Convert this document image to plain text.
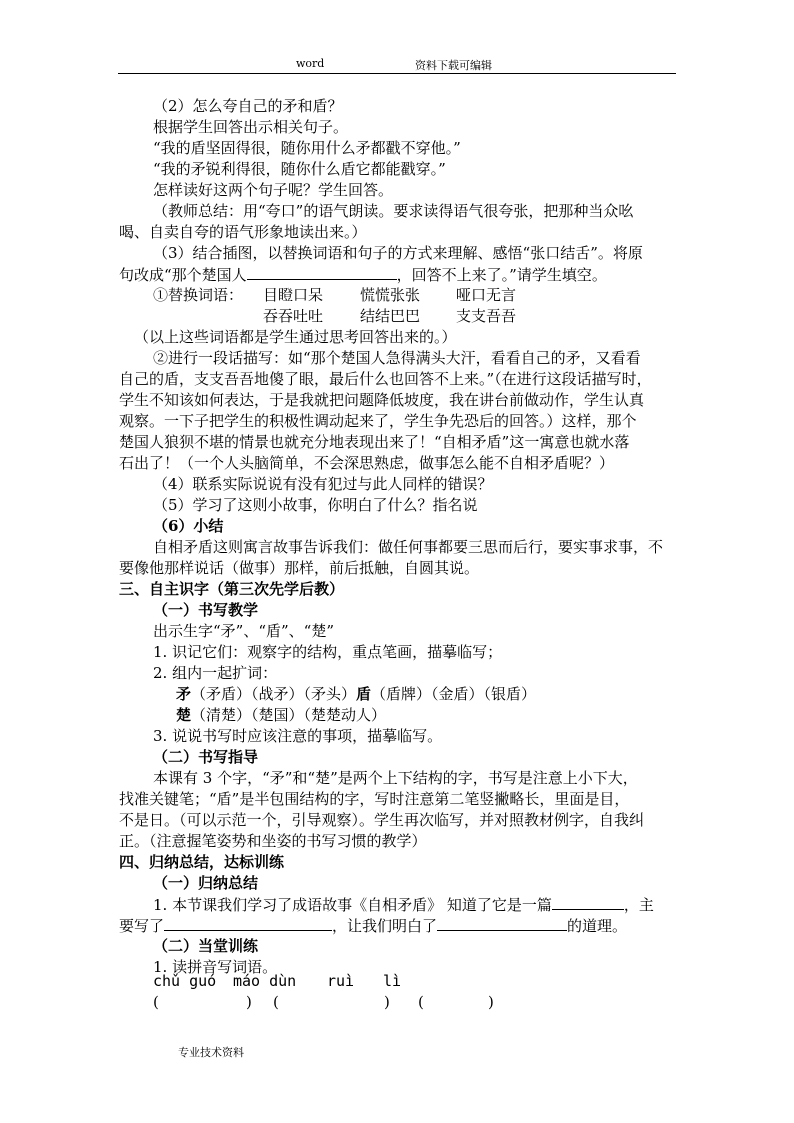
word	资料下载可编辑
（2）怎么夸自己的矛和盾？
根据学生回答出示相关句子。
“我的盾坚固得很，随你用什么矛都戳不穿他。”
“我的矛锐利得很，随你什么盾它都能戳穿。”
怎样读好这两个句子呢？学生回答。
（教师总结：用“夸口”的语气朗读。要求读得语气很夸张，把那种当众吆
喝、自卖自夸的语气形象地读出来。）
（3）结合插图，以替换词语和句子的方式来理解、感悟“张口结舌”。将原
句改成“那个楚国人	，回答不上来了。”请学生填空。
①替换词语： 目瞪口呆 慌慌张张 哑口无言
吞吞吐吐 结结巴巴 支支吾吾
（以上这些词语都是学生通过思考回答出来的。）
②进行一段话描写：如“那个楚国人急得满头大汗，看看自己的矛，又看看
自己的盾，支支吾吾地傻了眼，最后什么也回答不上来。”（在进行这段话描写时，
学生不知该如何表达，于是我就把问题降低坡度，我在讲台前做动作，学生认真
观察。一下子把学生的积极性调动起来了，学生争先恐后的回答。）这样，那个
楚国人狼狈不堪的情景也就充分地表现出来了！“自相矛盾”这一寓意也就水落
石出了！（一个人头脑简单，不会深思熟虑，做事怎么能不自相矛盾呢？）
（4）联系实际说说有没有犯过与此人同样的错误？
（5）学习了这则小故事，你明白了什么？指名说
（6）小结
自相矛盾这则寓言故事告诉我们：做任何事都要三思而后行，要实事求事，不
要像他那样说话（做事）那样，前后抵触，自圆其说。
三、自主识字（第三次先学后教）
（一）书写教学
出示生字“矛”、“盾”、“楚”
1. 识记它们：观察字的结构，重点笔画，描摹临写；
2. 组内一起扩词：
矛（矛盾）（战矛）（矛头）盾（盾牌）（金盾）（银盾）
楚（清楚）（楚国）（楚楚动人）
3. 说说书写时应该注意的事项，描摹临写。
（二）书写指导
本课有 3 个字，“矛”和“楚”是两个上下结构的字，书写是注意上小下大，
找准关键笔；“盾”是半包围结构的字，写时注意第二笔竖撇略长，里面是目，
不是日。（可以示范一个，引导观察）。学生再次临写，并对照教材例字，自我纠
正。（注意握笔姿势和坐姿的书写习惯的教学）
四、归纳总结，达标训练
（一）归纳总结
1. 本节课我们学习了成语故事《自相矛盾》 知道了它是一篇	，主
要写了	，让我们明白了	的道理。
（二）当堂训练
1. 读拼音写词语。
chǔ guó máo dùn ruì lì
(	) (	) (	)
专业技术资料
